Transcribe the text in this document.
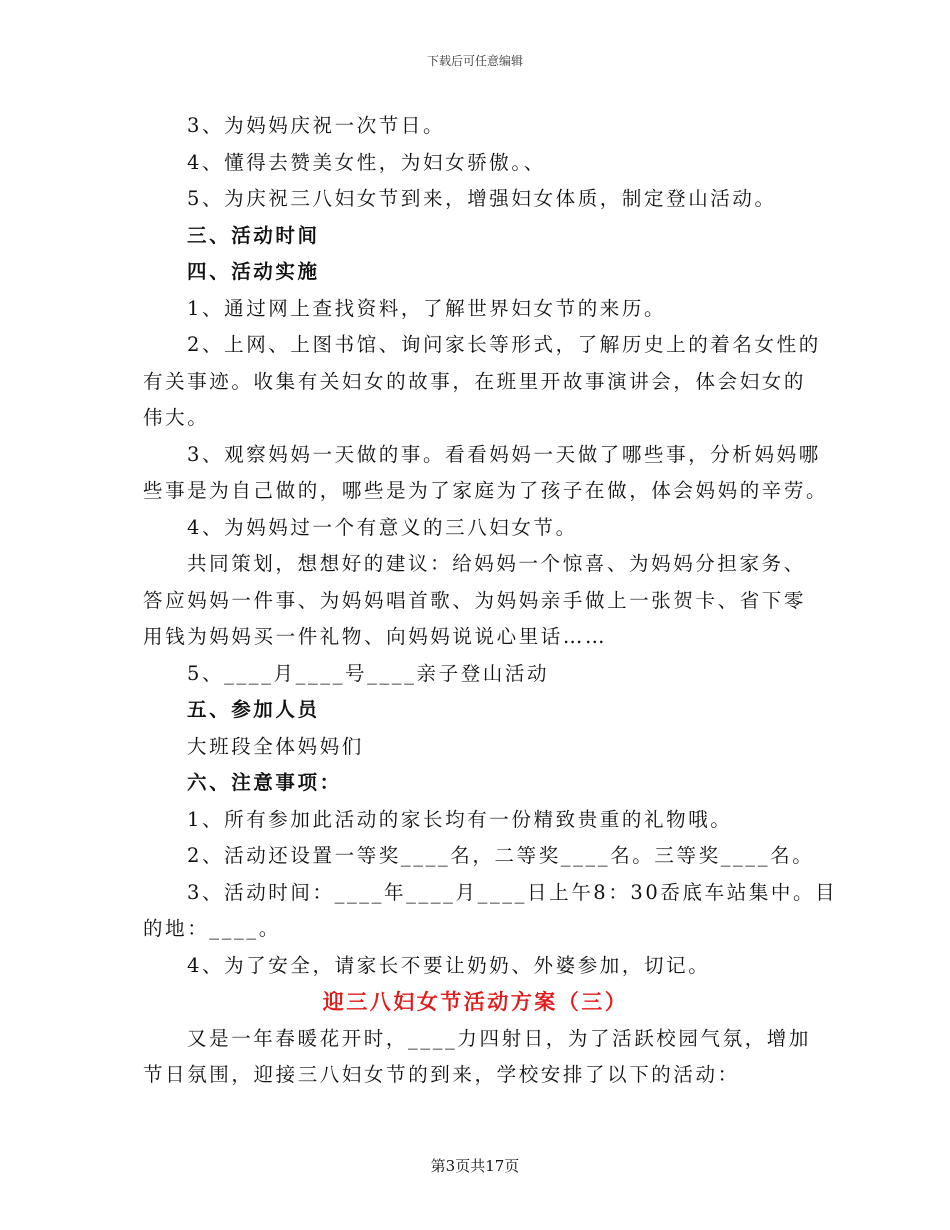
下载后可任意编辑
3、为妈妈庆祝一次节日。
4、懂得去赞美女性，为妇女骄傲。、
5、为庆祝三八妇女节到来，增强妇女体质，制定登山活动。
三、活动时间
四、活动实施
1、通过网上查找资料，了解世界妇女节的来历。
2、上网、上图书馆、询问家长等形式，了解历史上的着名女性的
有关事迹。收集有关妇女的故事，在班里开故事演讲会，体会妇女的
伟大。
3、观察妈妈一天做的事。看看妈妈一天做了哪些事，分析妈妈哪
些事是为自己做的，哪些是为了家庭为了孩子在做，体会妈妈的辛劳。
4、为妈妈过一个有意义的三八妇女节。
共同策划，想想好的建议：给妈妈一个惊喜、为妈妈分担家务、
答应妈妈一件事、为妈妈唱首歌、为妈妈亲手做上一张贺卡、省下零
用钱为妈妈买一件礼物、向妈妈说说心里话……
5、____月____号____亲子登山活动
五、参加人员
大班段全体妈妈们
六、注意事项：
1、所有参加此活动的家长均有一份精致贵重的礼物哦。
2、活动还设置一等奖____名，二等奖____名。三等奖____名。
3、活动时间：____年____月____日上午8：30岙底车站集中。目
的地：____。
4、为了安全，请家长不要让奶奶、外婆参加，切记。
迎三八妇女节活动方案（三）
又是一年春暖花开时，____力四射日，为了活跃校园气氛，增加
节日氛围，迎接三八妇女节的到来，学校安排了以下的活动：
第3页共17页
